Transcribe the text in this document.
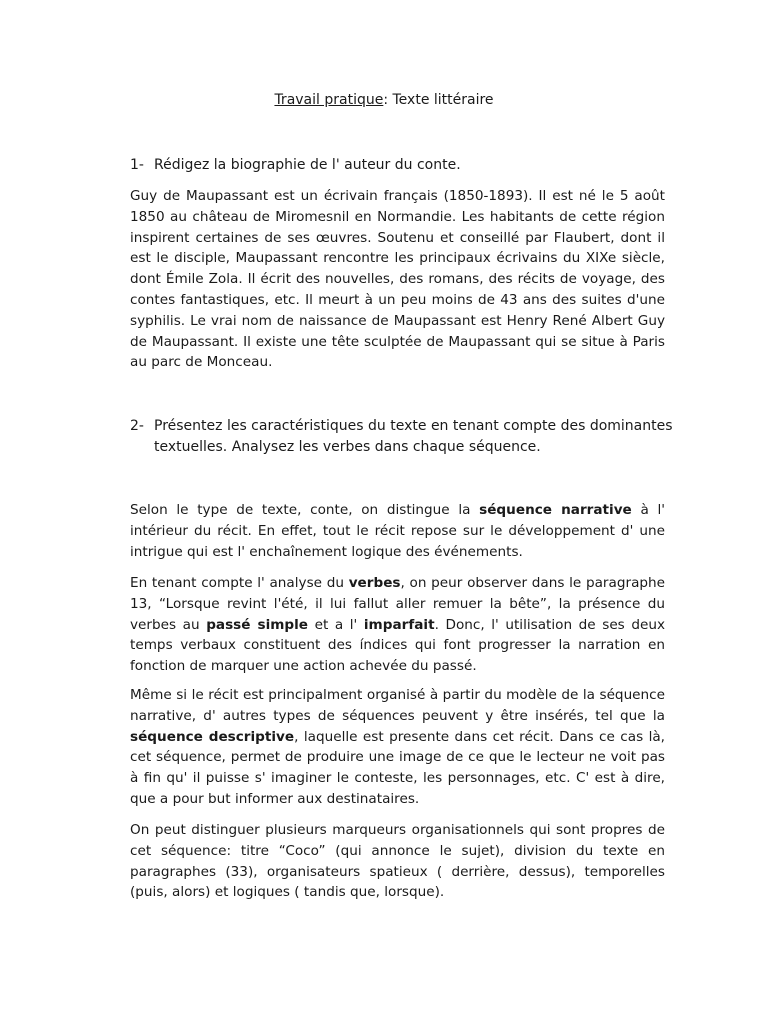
Travail pratique: Texte littéraire
1- Rédigez la biographie de l' auteur du conte.
Guy de Maupassant est un écrivain français (1850-1893). Il est né le 5 août 1850 au château de Miromesnil en Normandie. Les habitants de cette région inspirent certaines de ses œuvres. Soutenu et conseillé par Flaubert, dont il est le disciple, Maupassant rencontre les principaux écrivains du XIXe siècle, dont Émile Zola. Il écrit des nouvelles, des romans, des récits de voyage, des contes fantastiques, etc. Il meurt à un peu moins de 43 ans des suites d'une syphilis. Le vrai nom de naissance de Maupassant est Henry René Albert Guy de Maupassant. Il existe une tête sculptée de Maupassant qui se situe à Paris au parc de Monceau.
2- Présentez les caractéristiques du texte en tenant compte des dominantes
textuelles. Analysez les verbes dans chaque séquence.
Selon le type de texte, conte, on distingue la séquence narrative à l' intérieur du récit. En effet, tout le récit repose sur le développement d' une intrigue qui est l' enchaînement logique des événements.
En tenant compte l' analyse du verbes, on peur observer dans le paragraphe 13, “Lorsque revint l'été, il lui fallut aller remuer la bête”, la présence du verbes au passé simple et a l' imparfait. Donc, l' utilisation de ses deux temps verbaux constituent des índices qui font progresser la narration en fonction de marquer une action achevée du passé.
Même si le récit est principalment organisé à partir du modèle de la séquence narrative, d' autres types de séquences peuvent y être insérés, tel que la séquence descriptive, laquelle est presente dans cet récit. Dans ce cas là, cet séquence, permet de produire une image de ce que le lecteur ne voit pas à fin qu' il puisse s' imaginer le conteste, les personnages, etc. C' est à dire, que a pour but informer aux destinataires.
On peut distinguer plusieurs marqueurs organisationnels qui sont propres de cet séquence: titre “Coco” (qui annonce le sujet), division du texte en paragraphes (33), organisateurs spatieux ( derrière, dessus), temporelles (puis, alors) et logiques ( tandis que, lorsque).
